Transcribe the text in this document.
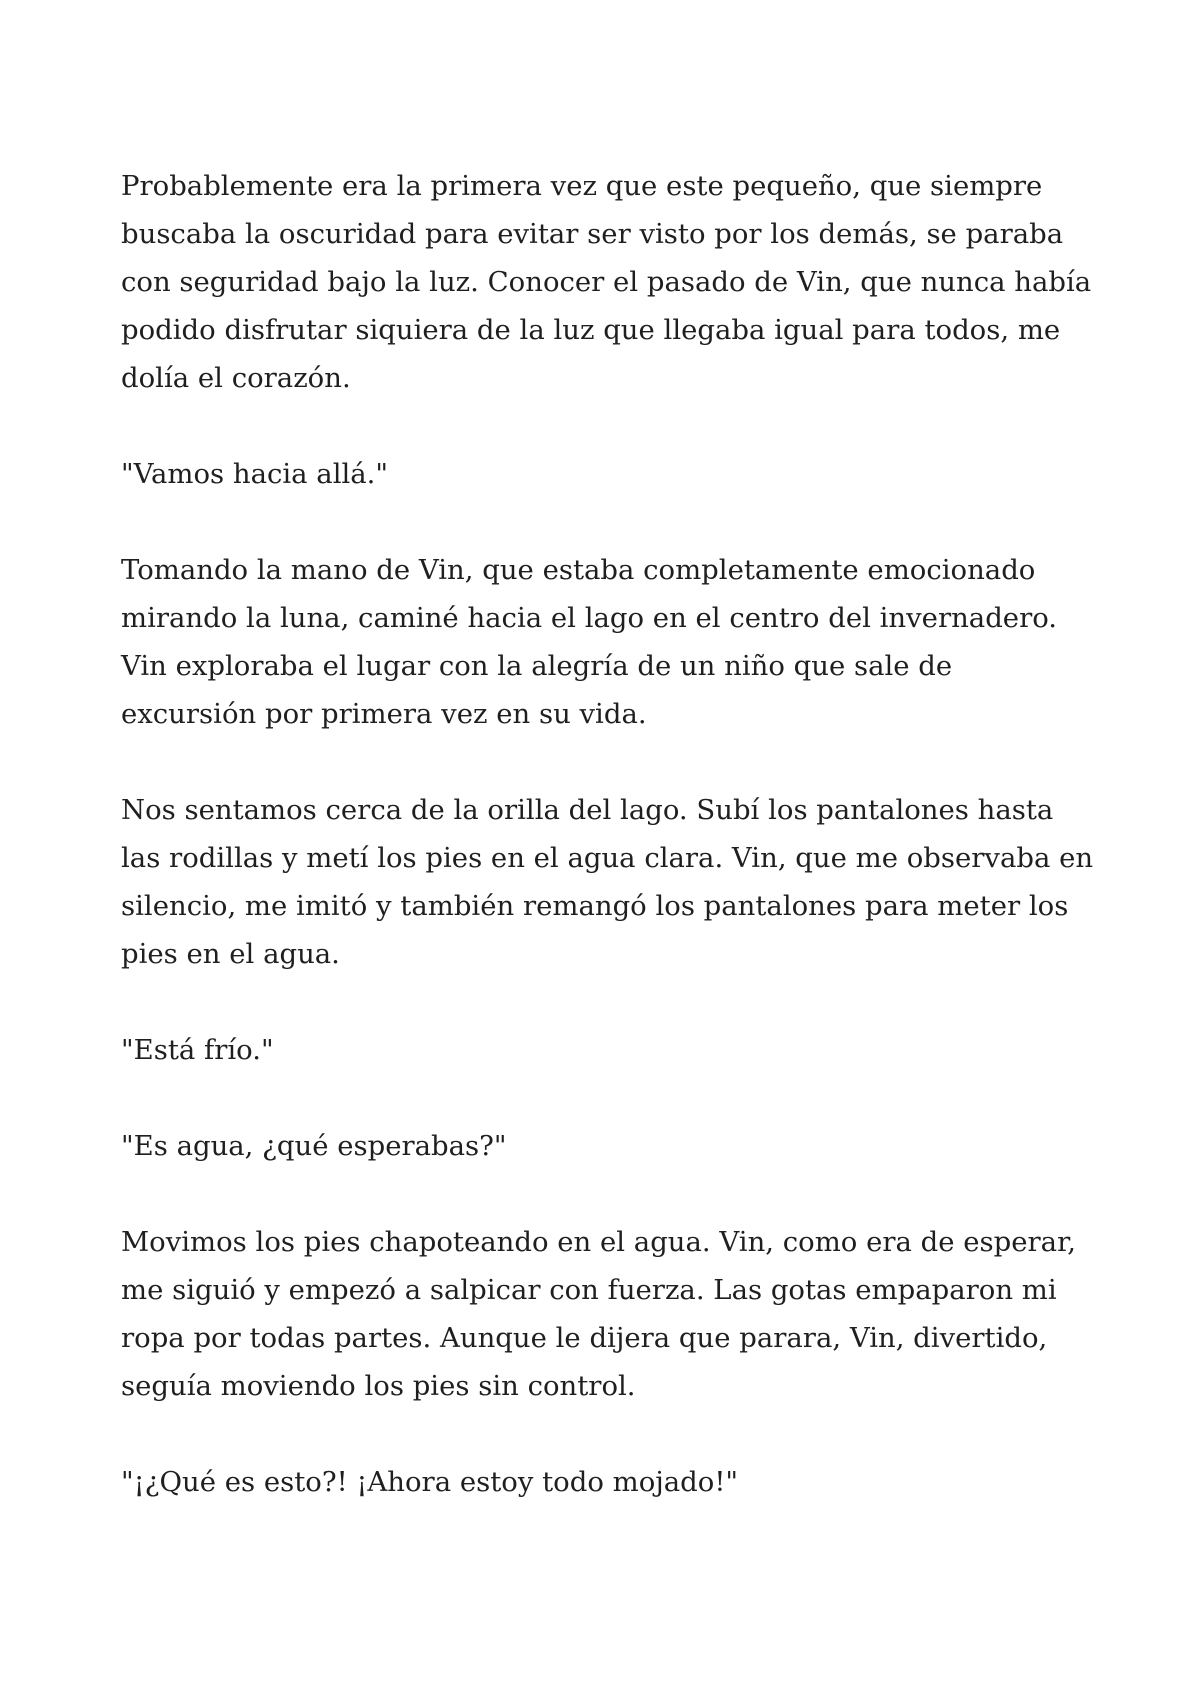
Probablemente era la primera vez que este pequeño, que siempre
buscaba la oscuridad para evitar ser visto por los demás, se paraba
con seguridad bajo la luz. Conocer el pasado de Vin, que nunca había
podido disfrutar siquiera de la luz que llegaba igual para todos, me
dolía el corazón.

"Vamos hacia allá."

Tomando la mano de Vin, que estaba completamente emocionado
mirando la luna, caminé hacia el lago en el centro del invernadero.
Vin exploraba el lugar con la alegría de un niño que sale de
excursión por primera vez en su vida.

Nos sentamos cerca de la orilla del lago. Subí los pantalones hasta
las rodillas y metí los pies en el agua clara. Vin, que me observaba en
silencio, me imitó y también remangó los pantalones para meter los
pies en el agua.

"Está frío."

"Es agua, ¿qué esperabas?"

Movimos los pies chapoteando en el agua. Vin, como era de esperar,
me siguió y empezó a salpicar con fuerza. Las gotas empaparon mi
ropa por todas partes. Aunque le dijera que parara, Vin, divertido,
seguía moviendo los pies sin control.

"¡¿Qué es esto?! ¡Ahora estoy todo mojado!"
